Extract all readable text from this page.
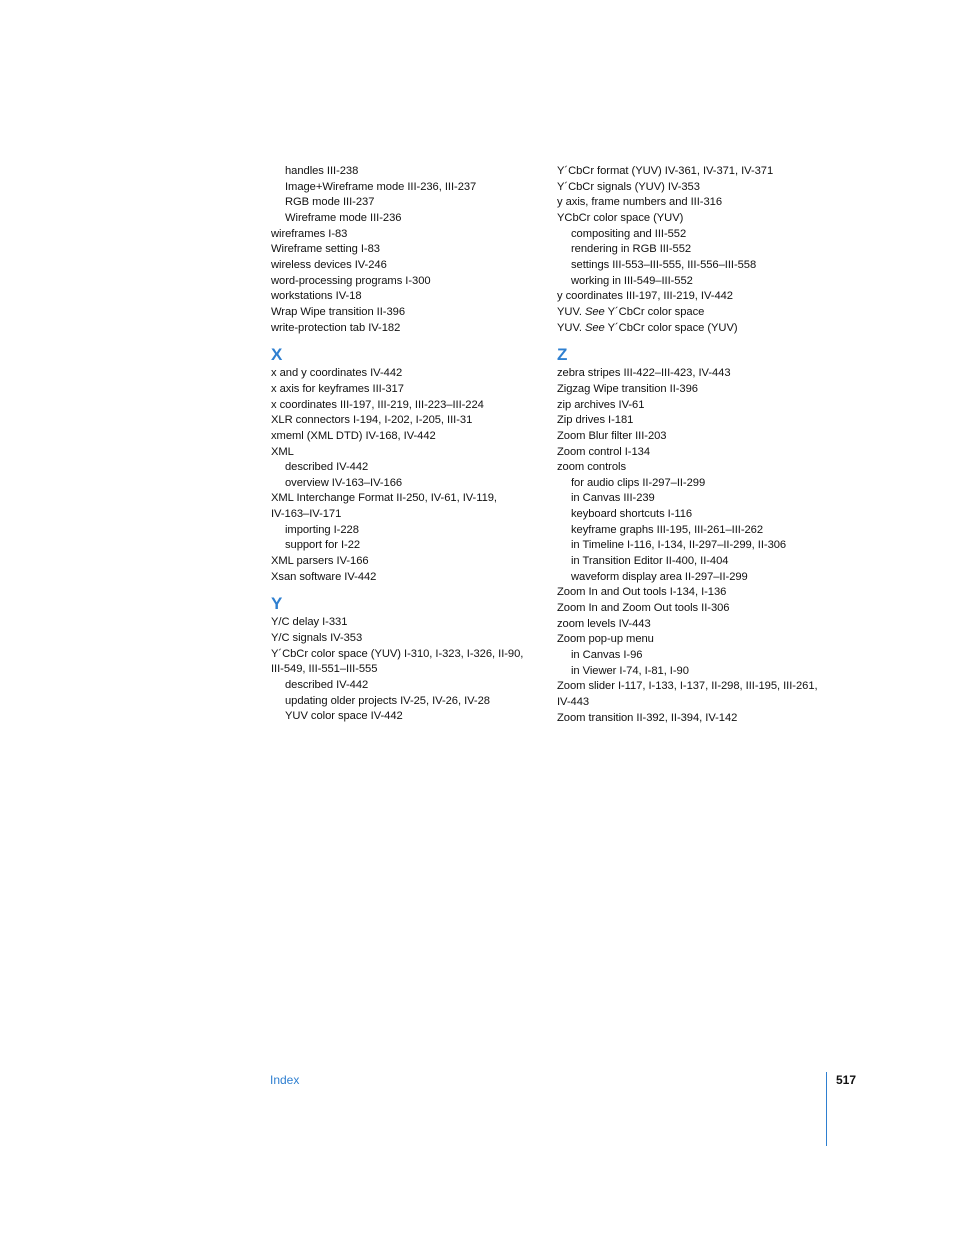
handles III-238
Image+Wireframe mode III-236, III-237
RGB mode III-237
Wireframe mode III-236
wireframes I-83
Wireframe setting I-83
wireless devices IV-246
word-processing programs I-300
workstations IV-18
Wrap Wipe transition II-396
write-protection tab IV-182
X
x and y coordinates IV-442
x axis for keyframes III-317
x coordinates III-197, III-219, III-223–III-224
XLR connectors I-194, I-202, I-205, III-31
xmeml (XML DTD) IV-168, IV-442
XML
described IV-442
overview IV-163–IV-166
XML Interchange Format II-250, IV-61, IV-119,
IV-163–IV-171
importing I-228
support for I-22
XML parsers IV-166
Xsan software IV-442
Y
Y/C delay I-331
Y/C signals IV-353
Y´CbCr color space (YUV) I-310, I-323, I-326, II-90,
III-549, III-551–III-555
described IV-442
updating older projects IV-25, IV-26, IV-28
YUV color space IV-442
Y´CbCr format (YUV) IV-361, IV-371, IV-371
Y´CbCr signals (YUV) IV-353
y axis, frame numbers and III-316
YCbCr color space (YUV)
compositing and III-552
rendering in RGB III-552
settings III-553–III-555, III-556–III-558
working in III-549–III-552
y coordinates III-197, III-219, IV-442
YUV. See Y´CbCr color space
YUV. See Y´CbCr color space (YUV)
Z
zebra stripes III-422–III-423, IV-443
Zigzag Wipe transition II-396
zip archives IV-61
Zip drives I-181
Zoom Blur filter III-203
Zoom control I-134
zoom controls
for audio clips II-297–II-299
in Canvas III-239
keyboard shortcuts I-116
keyframe graphs III-195, III-261–III-262
in Timeline I-116, I-134, II-297–II-299, II-306
in Transition Editor II-400, II-404
waveform display area II-297–II-299
Zoom In and Out tools I-134, I-136
Zoom In and Zoom Out tools II-306
zoom levels IV-443
Zoom pop-up menu
in Canvas I-96
in Viewer I-74, I-81, I-90
Zoom slider I-117, I-133, I-137, II-298, III-195, III-261,
IV-443
Zoom transition II-392, II-394, IV-142
Index	517
